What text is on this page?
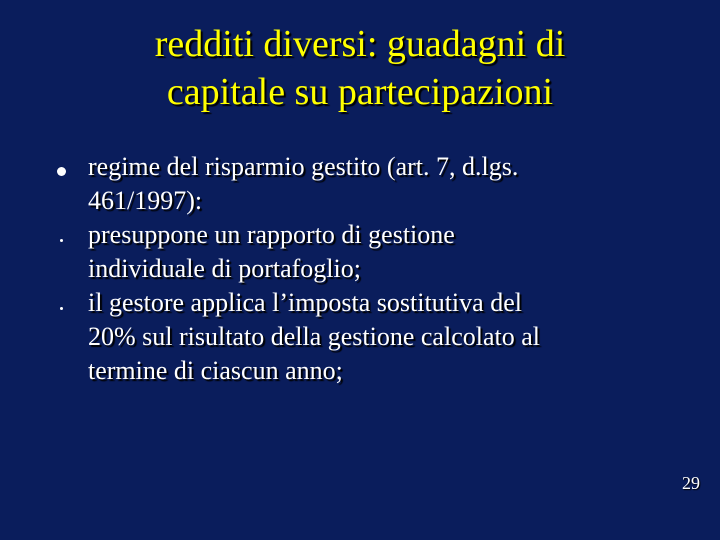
redditi diversi: guadagni di
capitale su partecipazioni
regime del risparmio gestito (art. 7, d.lgs.
461/1997):
presuppone un rapporto di gestione
individuale di portafoglio;
il gestore applica l’imposta sostitutiva del
20% sul risultato della gestione calcolato al
termine di ciascun anno;
29
